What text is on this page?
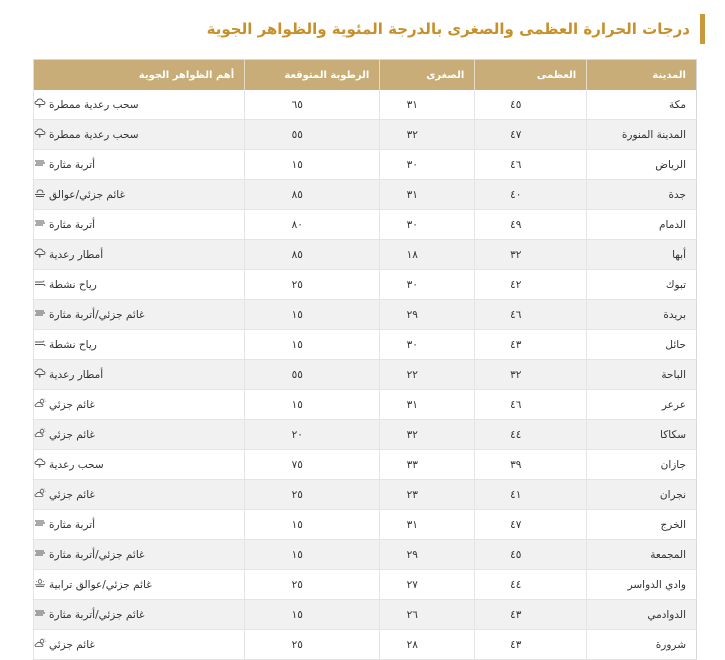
درجات الحرارة العظمى والصغرى بالدرجة المئوية والظواهر الجوية
المدينة	العظمى	الصغرى	الرطوبة المتوقعة	أهم الظواهر الجوية
مكة	٤٥	٣١	٦٥	سحب رعدية ممطرة

المدينة المنورة	٤٧	٣٢	٥٥	سحب رعدية ممطرة

الرياض	٤٦	٣٠	١٥	أتربة مثارة

جدة	٤٠	٣١	٨٥	غائم جزئي/عوالق

الدمام	٤٩	٣٠	٨٠	أتربة مثارة

أبها	٣٢	١٨	٨٥	أمطار رعدية

تبوك	٤٢	٣٠	٢٥	رياح نشطة

بريدة	٤٦	٢٩	١٥	غائم جزئي/أتربة مثارة

حائل	٤٣	٣٠	١٥	رياح نشطة

الباحة	٣٢	٢٢	٥٥	أمطار رعدية

عرعر	٤٦	٣١	١٥	غائم جزئي

سكاكا	٤٤	٣٢	٢٠	غائم جزئي

جازان	٣٩	٣٣	٧٥	سحب رعدية

نجران	٤١	٢٣	٢٥	غائم جزئي

الخرج	٤٧	٣١	١٥	أتربة مثارة

المجمعة	٤٥	٢٩	١٥	غائم جزئي/أتربة مثارة

وادي الدواسر	٤٤	٢٧	٢٥	غائم جزئي/عوالق ترابية

الدوادمي	٤٣	٢٦	١٥	غائم جزئي/أتربة مثارة

شرورة	٤٣	٢٨	٢٥	غائم جزئي
